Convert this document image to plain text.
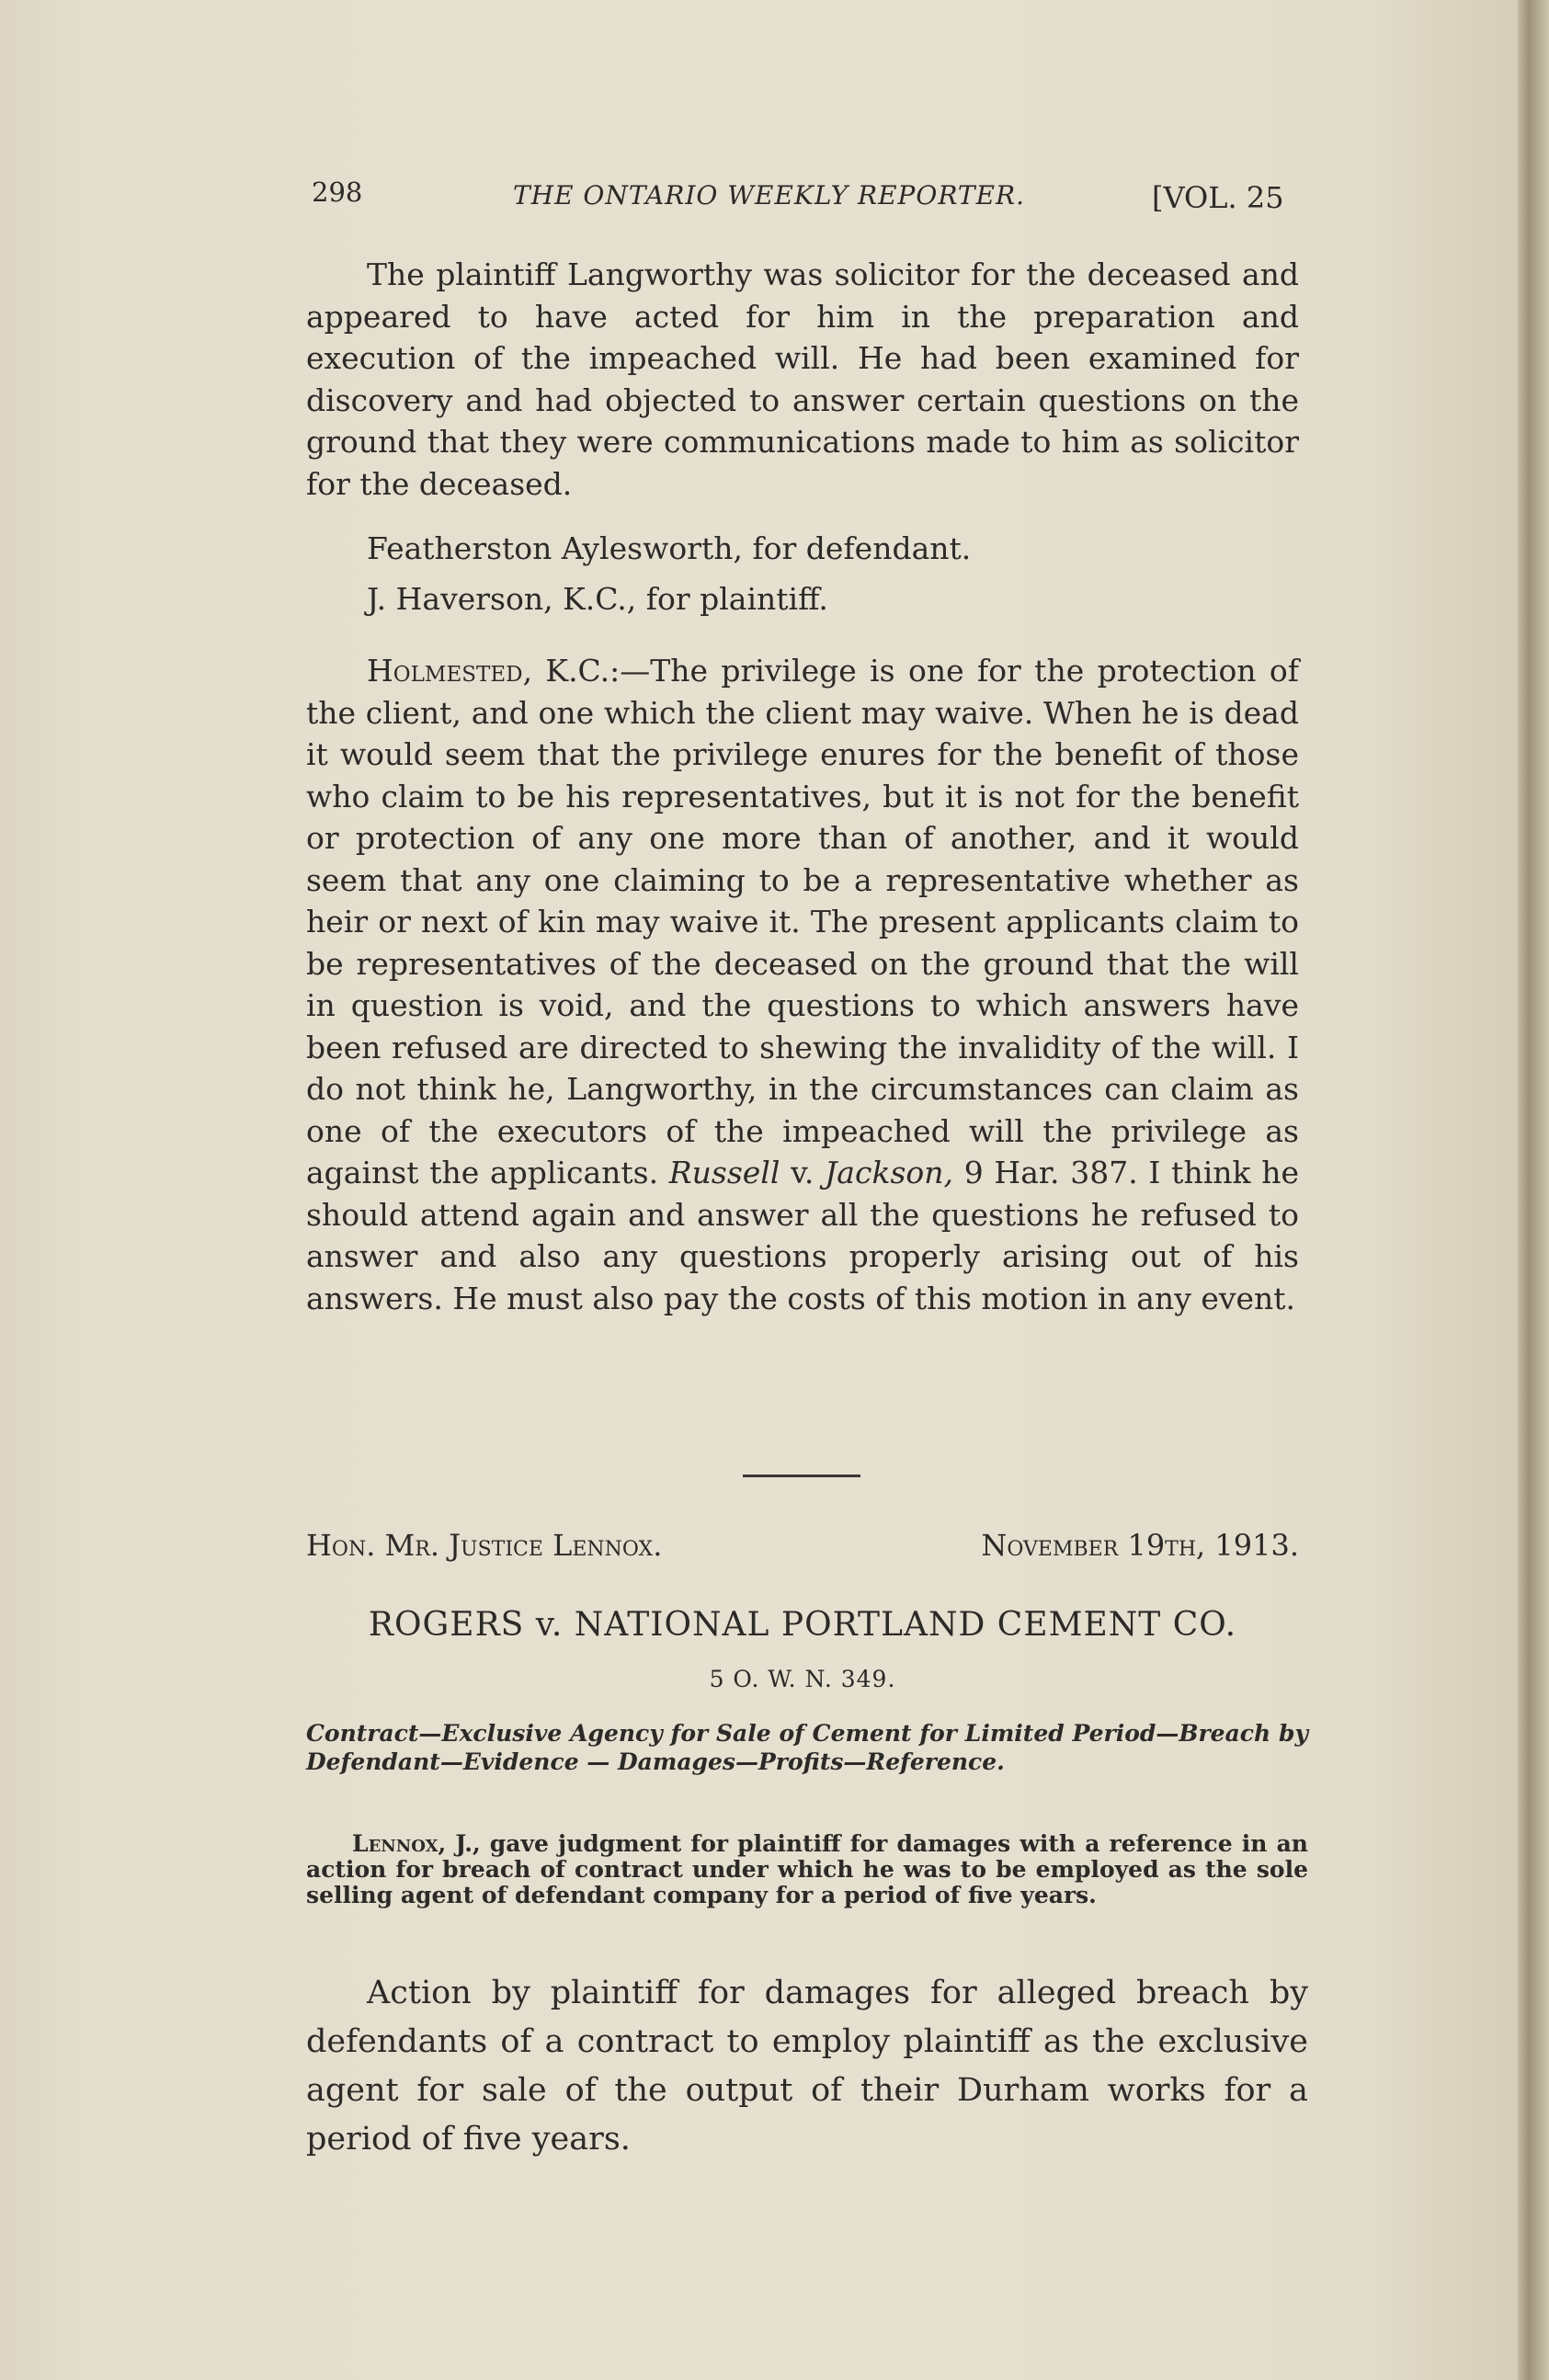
298	THE ONTARIO WEEKLY REPORTER.	[VOL. 25

The plaintiff Langworthy was solicitor for the deceased and appeared to have acted for him in the preparation and execution of the impeached will. He had been examined for discovery and had objected to answer certain questions on the ground that they were communications made to him as solicitor for the deceased.

Featherston Aylesworth, for defendant.

J. Haverson, K.C., for plaintiff.

Holmested, K.C.:—The privilege is one for the protection of the client, and one which the client may waive. When he is dead it would seem that the privilege enures for the benefit of those who claim to be his representatives, but it is not for the benefit or protection of any one more than of another, and it would seem that any one claiming to be a representative whether as heir or next of kin may waive it. The present applicants claim to be representatives of the deceased on the ground that the will in question is void, and the questions to which answers have been refused are directed to shewing the invalidity of the will. I do not think he, Langworthy, in the circumstances can claim as one of the executors of the impeached will the privilege as against the applicants. Russell v. Jackson, 9 Har. 387. I think he should attend again and answer all the questions he refused to answer and also any questions properly arising out of his answers. He must also pay the costs of this motion in any event.

Hon. Mr. Justice Lennox.	November 19th, 1913.
ROGERS v. NATIONAL PORTLAND CEMENT CO.
5 O. W. N. 349.

Contract—Exclusive Agency for Sale of Cement for Limited Period—Breach by Defendant—Evidence — Damages—Profits—Reference.

Lennox, J., gave judgment for plaintiff for damages with a reference in an action for breach of contract under which he was to be employed as the sole selling agent of defendant company for a period of five years.

Action by plaintiff for damages for alleged breach by defendants of a contract to employ plaintiff as the exclusive agent for sale of the output of their Durham works for a period of five years.
